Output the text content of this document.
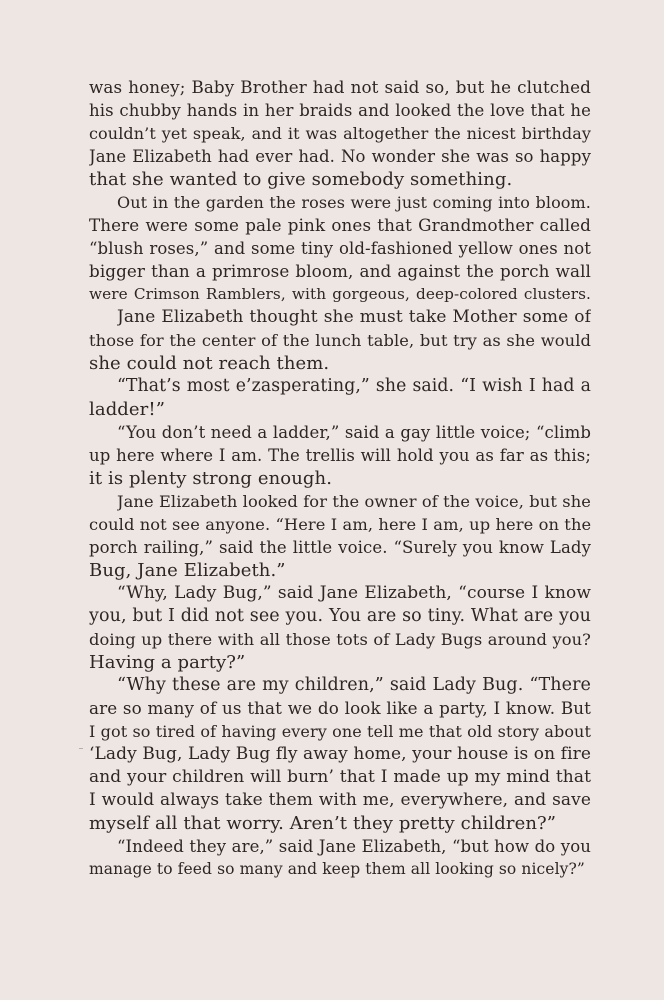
was honey; Baby Brother had not said so, but he clutched

his chubby hands in her braids and looked the love that he

couldn’t yet speak, and it was altogether the nicest birthday

Jane Elizabeth had ever had. No wonder she was so happy

that she wanted to give somebody something.

Out in the garden the roses were just coming into bloom.

There were some pale pink ones that Grandmother called

“blush roses,” and some tiny old-fashioned yellow ones not

bigger than a primrose bloom, and against the porch wall

were Crimson Ramblers, with gorgeous, deep-colored clusters.

Jane Elizabeth thought she must take Mother some of

those for the center of the lunch table, but try as she would

she could not reach them.

“That’s most e’zasperating,” she said. “I wish I had a

ladder!”

“You don’t need a ladder,” said a gay little voice; “climb

up here where I am. The trellis will hold you as far as this;

it is plenty strong enough.

Jane Elizabeth looked for the owner of the voice, but she

could not see anyone. “Here I am, here I am, up here on the

porch railing,” said the little voice. “Surely you know Lady

Bug, Jane Elizabeth.”

“Why, Lady Bug,” said Jane Elizabeth, “course I know

you, but I did not see you. You are so tiny. What are you

doing up there with all those tots of Lady Bugs around you?

Having a party?”

“Why these are my children,” said Lady Bug. “There

are so many of us that we do look like a party, I know. But

I got so tired of having every one tell me that old story about

‘Lady Bug, Lady Bug fly away home, your house is on fire

and your children will burn’ that I made up my mind that

I would always take them with me, everywhere, and save

myself all that worry. Aren’t they pretty children?”

“Indeed they are,” said Jane Elizabeth, “but how do you

manage to feed so many and keep them all looking so nicely?”
